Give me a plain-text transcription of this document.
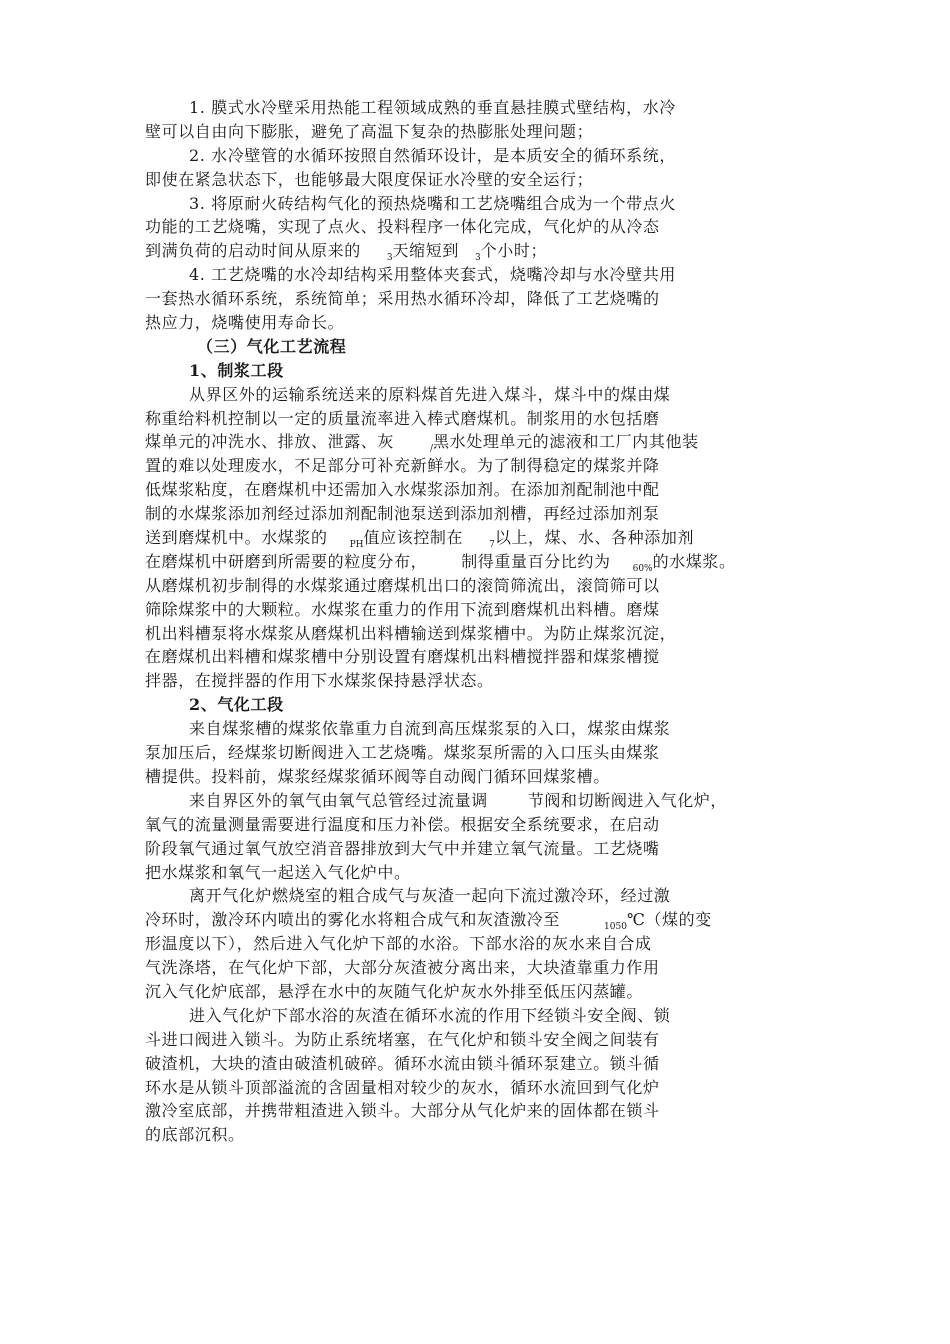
1. 膜式水冷壁采用热能工程领域成熟的垂直悬挂膜式壁结构，水冷
壁可以自由向下膨胀，避免了高温下复杂的热膨胀处理问题；
2. 水冷壁管的水循环按照自然循环设计，是本质安全的循环系统，
即使在紧急状态下，也能够最大限度保证水冷壁的安全运行；
3. 将原耐火砖结构气化的预热烧嘴和工艺烧嘴组合成为一个带点火
功能的工艺烧嘴，实现了点火、投料程序一体化完成，气化炉的从冷态
到满负荷的启动时间从原来的	$_3$天缩短到 $_3$个小时；
4. 工艺烧嘴的水冷却结构采用整体夹套式，烧嘴冷却与水冷壁共用
一套热水循环系统，系统简单；采用热水循环冷却，降低了工艺烧嘴的
热应力，烧嘴使用寿命长。
（三）气化工艺流程
1、制浆工段
从界区外的运输系统送来的原料煤首先进入煤斗，煤斗中的煤由煤
称重给料机控制以一定的质量流率进入棒式磨煤机。制浆用的水包括磨
煤单元的冲洗水、排放、泄露、灰	$_/$黑水处理单元的滤液和工厂内其他装
置的难以处理废水，不足部分可补充新鲜水。为了制得稳定的煤浆并降
低煤浆粘度，在磨煤机中还需加入水煤浆添加剂。在添加剂配制池中配
制的水煤浆添加剂经过添加剂配制池泵送到添加剂槽，再经过添加剂泵
送到磨煤机中。水煤浆的 $_{PH}$值应该控制在	$_7$以上，煤、水、各种添加剂
在磨煤机中研磨到所需要的粒度分布， 制得重量百分比约为 $_{60\%}$的水煤浆。
从磨煤机初步制得的水煤浆通过磨煤机出口的滚筒筛流出，滚筒筛可以
筛除煤浆中的大颗粒。水煤浆在重力的作用下流到磨煤机出料槽。磨煤
机出料槽泵将水煤浆从磨煤机出料槽输送到煤浆槽中。为防止煤浆沉淀，
在磨煤机出料槽和煤浆槽中分别设置有磨煤机出料槽搅拌器和煤浆槽搅
拌器，在搅拌器的作用下水煤浆保持悬浮状态。
2、气化工段
来自煤浆槽的煤浆依靠重力自流到高压煤浆泵的入口，煤浆由煤浆
泵加压后，经煤浆切断阀进入工艺烧嘴。煤浆泵所需的入口压头由煤浆
槽提供。投料前，煤浆经煤浆循环阀等自动阀门循环回煤浆槽。
来自界区外的氧气由氧气总管经过流量调	节阀和切断阀进入气化炉，
氧气的流量测量需要进行温度和压力补偿。根据安全系统要求，在启动
阶段氧气通过氧气放空消音器排放到大气中并建立氧气流量。工艺烧嘴
把水煤浆和氧气一起送入气化炉中。
离开气化炉燃烧室的粗合成气与灰渣一起向下流过激冷环，经过激
冷环时，激冷环内喷出的雾化水将粗合成气和灰渣激冷至	$_{1050}$℃（煤的变
形温度以下），然后进入气化炉下部的水浴。下部水浴的灰水来自合成
气洗涤塔，在气化炉下部，大部分灰渣被分离出来，大块渣靠重力作用
沉入气化炉底部，悬浮在水中的灰随气化炉灰水外排至低压闪蒸罐。
进入气化炉下部水浴的灰渣在循环水流的作用下经锁斗安全阀、锁
斗进口阀进入锁斗。为防止系统堵塞，在气化炉和锁斗安全阀之间装有
破渣机，大块的渣由破渣机破碎。循环水流由锁斗循环泵建立。锁斗循
环水是从锁斗顶部溢流的含固量相对较少的灰水，循环水流回到气化炉
激冷室底部，并携带粗渣进入锁斗。大部分从气化炉来的固体都在锁斗
的底部沉积。
